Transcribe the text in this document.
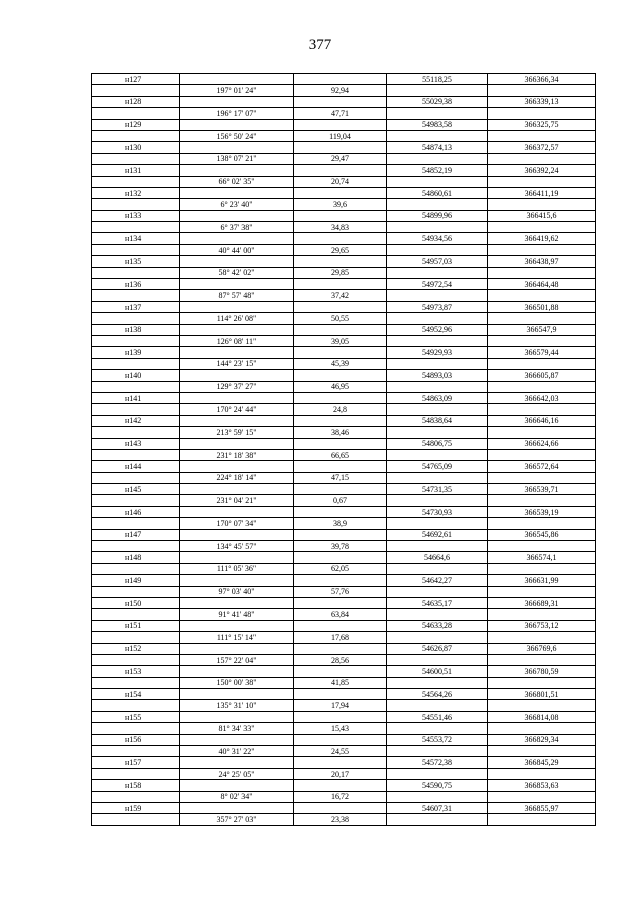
377
н127			55118,25	366366,34
	197° 01' 24"	92,94		
н128			55029,38	366339,13
	196° 17' 07"	47,71		
н129			54983,58	366325,75
	156° 50' 24"	119,04		
н130			54874,13	366372,57
	138° 07' 21"	29,47		
н131			54852,19	366392,24
	66° 02' 35"	20,74		
н132			54860,61	366411,19
	6° 23' 40"	39,6		
н133			54899,96	366415,6
	6° 37' 38"	34,83		
н134			54934,56	366419,62
	40° 44' 00"	29,65		
н135			54957,03	366438,97
	58° 42' 02"	29,85		
н136			54972,54	366464,48
	87° 57' 48"	37,42		
н137			54973,87	366501,88
	114° 26' 08"	50,55		
н138			54952,96	366547,9
	126° 08' 11"	39,05		
н139			54929,93	366579,44
	144° 23' 15"	45,39		
н140			54893,03	366605,87
	129° 37' 27"	46,95		
н141			54863,09	366642,03
	170° 24' 44"	24,8		
н142			54838,64	366646,16
	213° 59' 15"	38,46		
н143			54806,75	366624,66
	231° 18' 38"	66,65		
н144			54765,09	366572,64
	224° 18' 14"	47,15		
н145			54731,35	366539,71
	231° 04' 21"	0,67		
н146			54730,93	366539,19
	170° 07' 34"	38,9		
н147			54692,61	366545,86
	134° 45' 57"	39,78		
н148			54664,6	366574,1
	111° 05' 36"	62,05		
н149			54642,27	366631,99
	97° 03' 40"	57,76		
н150			54635,17	366689,31
	91° 41' 48"	63,84		
н151			54633,28	366753,12
	111° 15' 14"	17,68		
н152			54626,87	366769,6
	157° 22' 04"	28,56		
н153			54600,51	366780,59
	150° 00' 38"	41,85		
н154			54564,26	366801,51
	135° 31' 10"	17,94		
н155			54551,46	366814,08
	81° 34' 33"	15,43		
н156			54553,72	366829,34
	40° 31' 22"	24,55		
н157			54572,38	366845,29
	24° 25' 05"	20,17		
н158			54590,75	366853,63
	8° 02' 34"	16,72		
н159			54607,31	366855,97
	357° 27' 03"	23,38		
